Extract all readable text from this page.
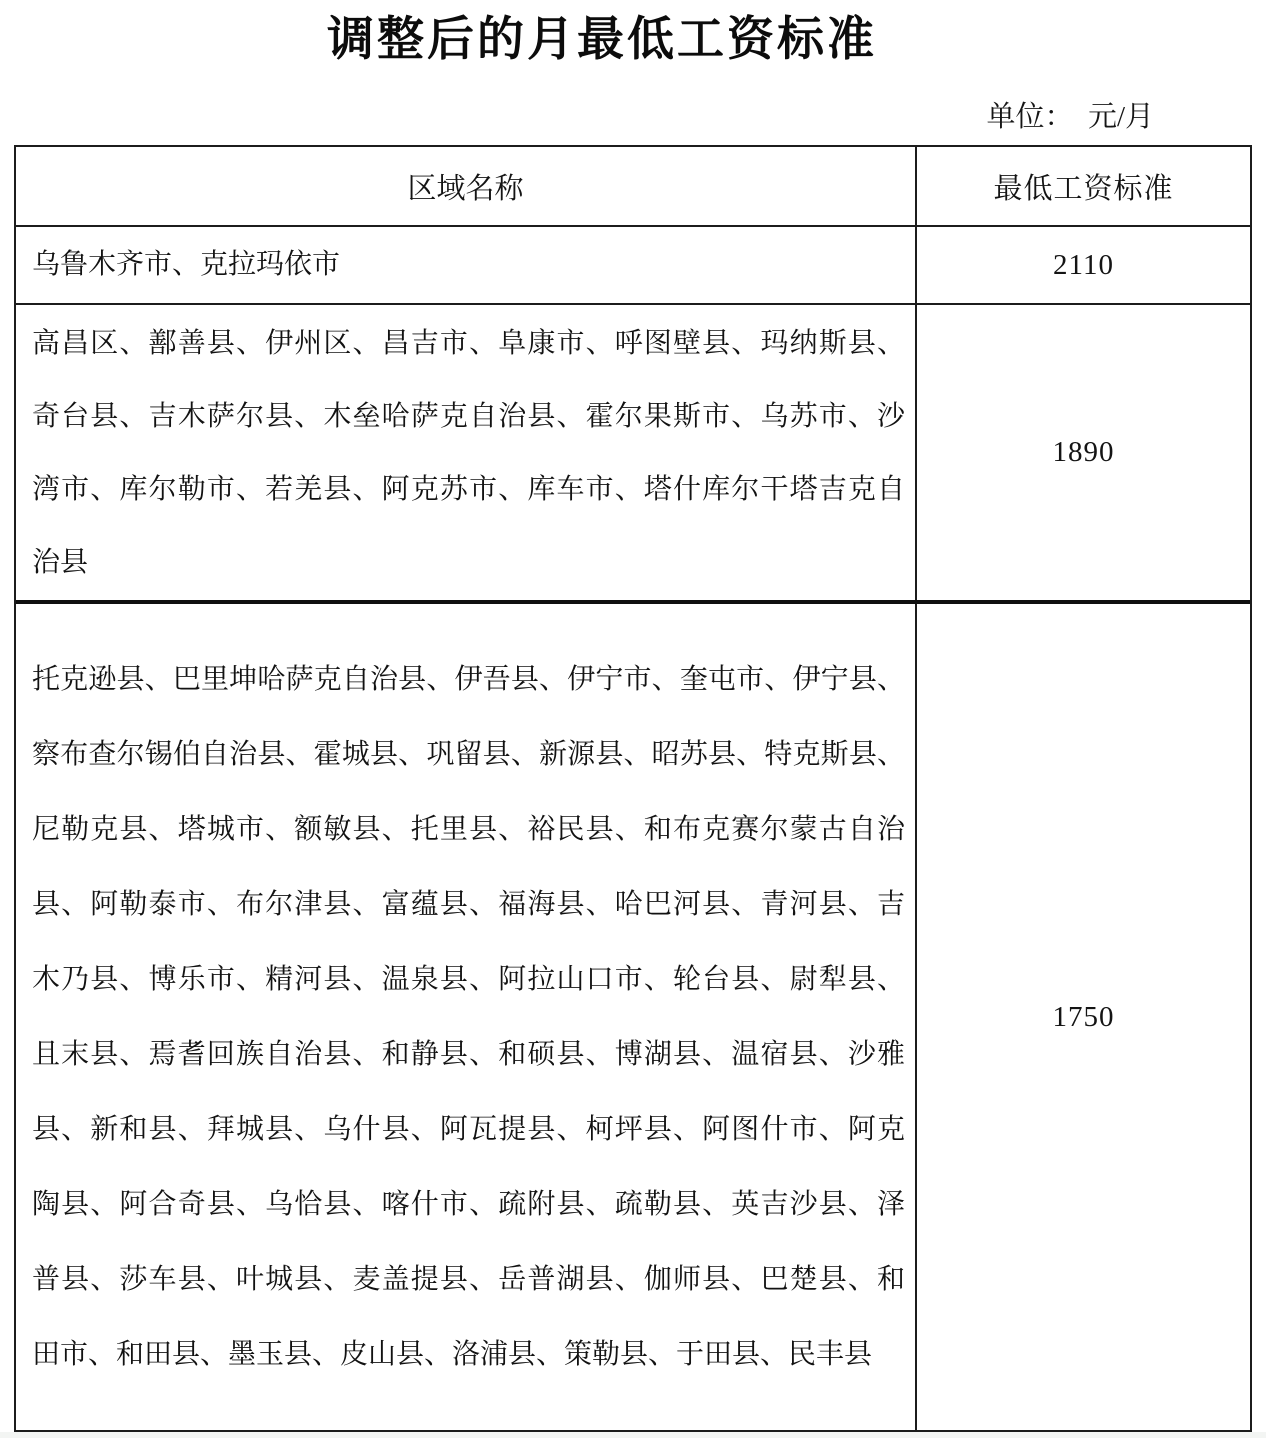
调整后的月最低工资标准
单位：　元/月
区域名称	最低工资标准
乌鲁木齐市、克拉玛依市	2110
高昌区、鄯善县、伊州区、昌吉市、阜康市、呼图壁县、玛纳斯县、
奇台县、吉木萨尔县、木垒哈萨克自治县、霍尔果斯市、乌苏市、沙
湾市、库尔勒市、若羌县、阿克苏市、库车市、塔什库尔干塔吉克自
治县
1890
托克逊县、巴里坤哈萨克自治县、伊吾县、伊宁市、奎屯市、伊宁县、
察布查尔锡伯自治县、霍城县、巩留县、新源县、昭苏县、特克斯县、
尼勒克县、塔城市、额敏县、托里县、裕民县、和布克赛尔蒙古自治
县、阿勒泰市、布尔津县、富蕴县、福海县、哈巴河县、青河县、吉
木乃县、博乐市、精河县、温泉县、阿拉山口市、轮台县、尉犁县、
且末县、焉耆回族自治县、和静县、和硕县、博湖县、温宿县、沙雅
县、新和县、拜城县、乌什县、阿瓦提县、柯坪县、阿图什市、阿克
陶县、阿合奇县、乌恰县、喀什市、疏附县、疏勒县、英吉沙县、泽
普县、莎车县、叶城县、麦盖提县、岳普湖县、伽师县、巴楚县、和
田市、和田县、墨玉县、皮山县、洛浦县、策勒县、于田县、民丰县
1750
